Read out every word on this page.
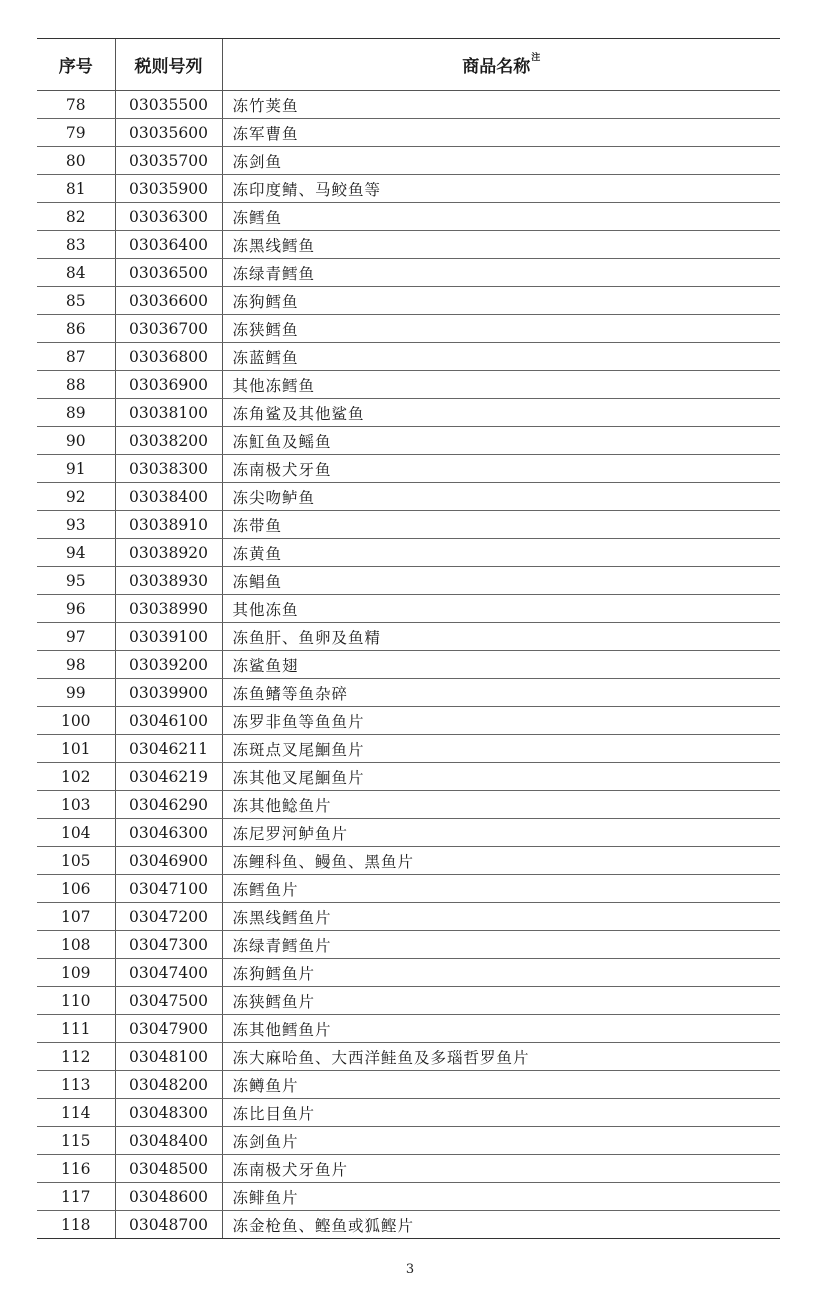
序号	税则号列	商品名称$^注$
78	03035500	冻竹荚鱼
79	03035600	冻军曹鱼
80	03035700	冻剑鱼
81	03035900	冻印度鲭、马鲛鱼等
82	03036300	冻鳕鱼
83	03036400	冻黑线鳕鱼
84	03036500	冻绿青鳕鱼
85	03036600	冻狗鳕鱼
86	03036700	冻狭鳕鱼
87	03036800	冻蓝鳕鱼
88	03036900	其他冻鳕鱼
89	03038100	冻角鲨及其他鲨鱼
90	03038200	冻魟鱼及鳐鱼
91	03038300	冻南极犬牙鱼
92	03038400	冻尖吻鲈鱼
93	03038910	冻带鱼
94	03038920	冻黄鱼
95	03038930	冻鲳鱼
96	03038990	其他冻鱼
97	03039100	冻鱼肝、鱼卵及鱼精
98	03039200	冻鲨鱼翅
99	03039900	冻鱼鳍等鱼杂碎
100	03046100	冻罗非鱼等鱼鱼片
101	03046211	冻斑点叉尾鮰鱼片
102	03046219	冻其他叉尾鮰鱼片
103	03046290	冻其他鲶鱼片
104	03046300	冻尼罗河鲈鱼片
105	03046900	冻鲤科鱼、鳗鱼、黑鱼片
106	03047100	冻鳕鱼片
107	03047200	冻黑线鳕鱼片
108	03047300	冻绿青鳕鱼片
109	03047400	冻狗鳕鱼片
110	03047500	冻狭鳕鱼片
111	03047900	冻其他鳕鱼片
112	03048100	冻大麻哈鱼、大西洋鲑鱼及多瑙哲罗鱼片
113	03048200	冻鳟鱼片
114	03048300	冻比目鱼片
115	03048400	冻剑鱼片
116	03048500	冻南极犬牙鱼片
117	03048600	冻鲱鱼片
118	03048700	冻金枪鱼、鲣鱼或狐鲣片
3
